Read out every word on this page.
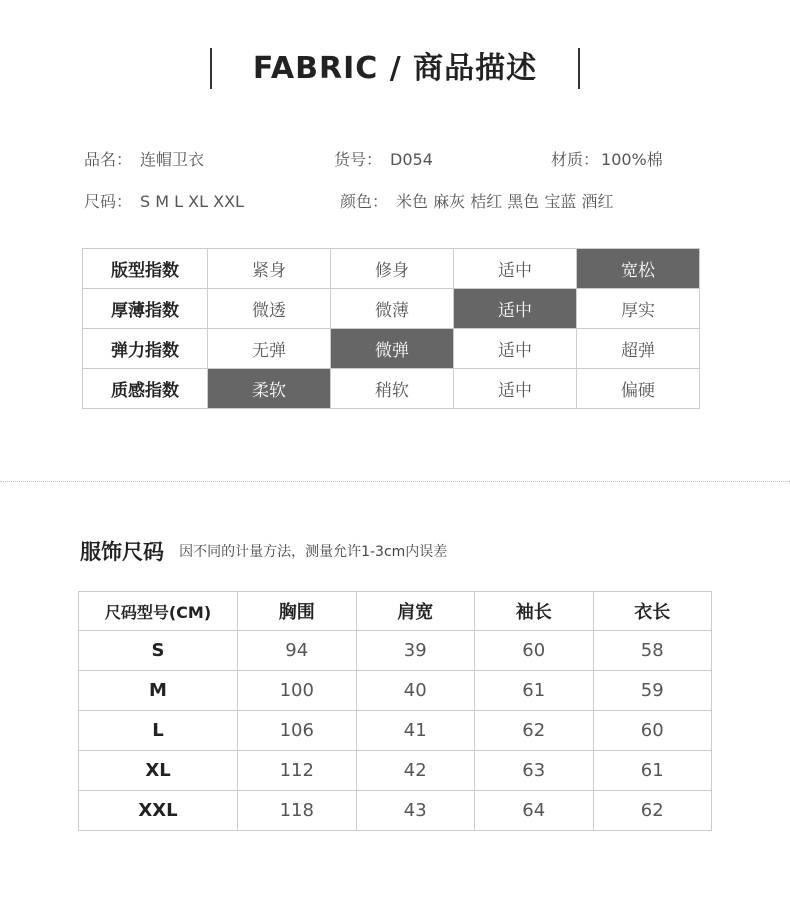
FABRIC / 商品描述
品名： 连帽卫衣	货号： D054	材质： 100%棉
尺码： S M L XL XXL	颜色： 米色 麻灰 桔红 黑色 宝蓝 酒红
版型指数	紧身	修身	适中	宽松
厚薄指数	微透	微薄	适中	厚实
弹力指数	无弹	微弹	适中	超弹
质感指数	柔软	稍软	适中	偏硬
服饰尺码 因不同的计量方法，测量允许1-3cm内误差
尺码型号(CM)	胸围	肩宽	袖长	衣长
S	94	39	60	58
M	100	40	61	59
L	106	41	62	60
XL	112	42	63	61
XXL	118	43	64	62
